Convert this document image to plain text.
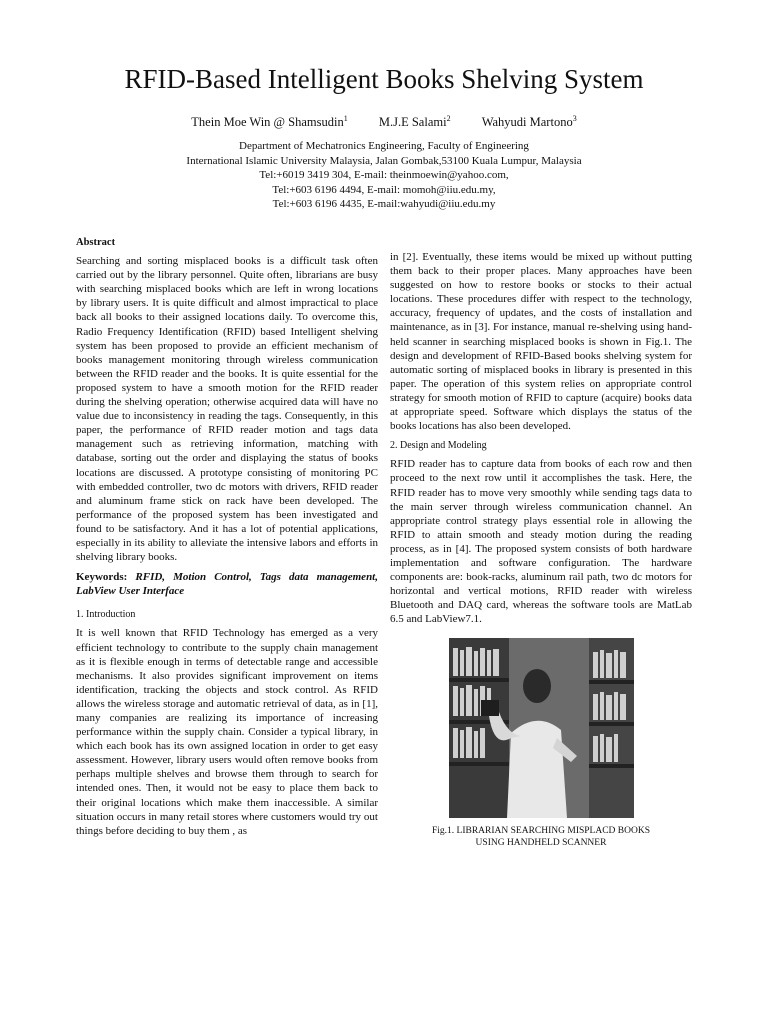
RFID-Based Intelligent Books Shelving System
Thein Moe Win @ Shamsudin$^1$ M.J.E Salami$^2$ Wahyudi Martono$^3$
Department of Mechatronics Engineering, Faculty of Engineering
International Islamic University Malaysia, Jalan Gombak,53100 Kuala Lumpur, Malaysia
Tel:+6019 3419 304, E-mail: theinmoewin@yahoo.com,
Tel:+603 6196 4494, E-mail: momoh@iiu.edu.my,
Tel:+603 6196 4435, E-mail:wahyudi@iiu.edu.my

Abstract

Searching and sorting misplaced books is a difficult task often carried out by the library personnel. Quite often, librarians are busy with searching misplaced books which are left in wrong locations by library users. It is quite difficult and almost impractical to place back all books to their assigned locations daily. To overcome this, Radio Frequency Identification (RFID) based Intelligent shelving system has been proposed to provide an efficient mechanism of books management monitoring through wireless communication between the RFID reader and the books. It is quite essential for the proposed system to have a smooth motion for the RFID reader during the shelving operation; otherwise acquired data will have no value due to inconsistency in reading the tags. Consequently, in this paper, the performance of RFID reader motion and tags data management such as retrieving information, matching with database, sorting out the order and displaying the status of books locations are discussed. A prototype consisting of monitoring PC with embedded controller, two dc motors with drivers, RFID reader and aluminum frame stick on rack have been developed. The performance of the proposed system has been investigated and found to be satisfactory. And it has a lot of potential applications, especially in its ability to alleviate the intensive labors and efforts in shelving library books.

Keywords: RFID, Motion Control, Tags data management, LabView User Interface

1. Introduction

It is well known that RFID Technology has emerged as a very efficient technology to contribute to the supply chain management as it is flexible enough in terms of detectable range and accessible mechanisms. It also provides significant improvement on items identification, tracking the objects and stock control. As RFID allows the wireless storage and automatic retrieval of data, as in [1], many companies are realizing its importance of increasing performance within the supply chain. Consider a typical library, in which each book has its own assigned location in order to get easy assessment. However, library users would often remove books from perhaps multiple shelves and browse them through to search for intended ones. Then, it would not be easy to place them back to their original locations which make them inaccessible. A similar situation occurs in many retail stores where customers would try out things before deciding to buy them , as

in [2]. Eventually, these items would be mixed up without putting them back to their proper places. Many approaches have been suggested on how to restore books or stocks to their actual locations. These procedures differ with respect to the technology, accuracy, frequency of updates, and the costs of installation and maintenance, as in [3]. For instance, manual re-shelving using hand-held scanner in searching misplaced books is shown in Fig.1. The design and development of RFID-Based books shelving system for automatic sorting of misplaced books in library is presented in this paper. The operation of this system relies on appropriate control strategy for smooth motion of RFID to capture (acquire) books data at appropriate speed. Software which displays the status of the books locations has also been developed.

2. Design and Modeling

RFID reader has to capture data from books of each row and then proceed to the next row until it accomplishes the task. Here, the RFID reader has to move very smoothly while sending tags data to the main server through wireless communication channel. An appropriate control strategy plays essential role in allowing the RFID to attain smooth and steady motion during the reading process, as in [4]. The proposed system consists of both hardware implementation and software configuration. The hardware components are: book-racks, aluminum rail path, two dc motors for horizontal and vertical motions, RFID reader with wireless Bluetooth and DAQ card, whereas the software tools are MatLab 6.5 and LabView7.1.

Fig.1. LIBRARIAN SEARCHING MISPLACD BOOKS
USING HANDHELD SCANNER
